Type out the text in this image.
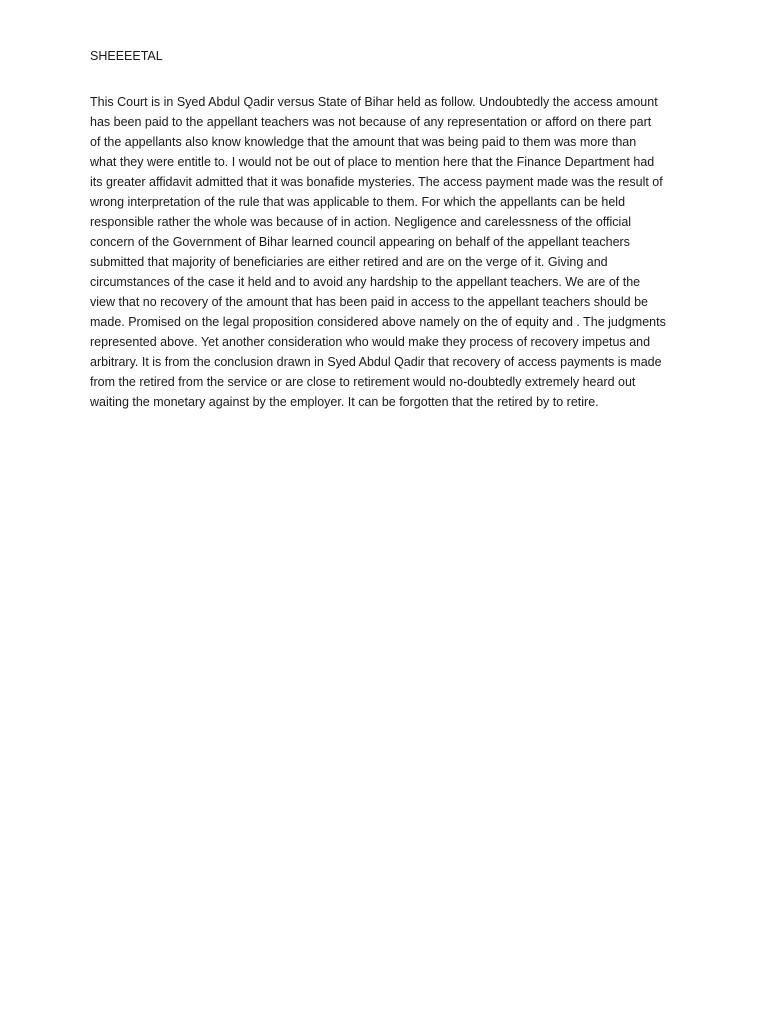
SHEEEETAL
This Court is in Syed Abdul Qadir versus State of Bihar held as follow. Undoubtedly the access amount
has been paid to the appellant teachers was not because of any representation or afford on there part
of the appellants also know knowledge that the amount that was being paid to them was more than
what they were entitle to. I would not be out of place to mention here that the Finance Department had
its greater affidavit admitted that it was bonafide mysteries. The access payment made was the result of
wrong interpretation of the rule that was applicable to them. For which the appellants can be held
responsible rather the whole was because of in action. Negligence and carelessness of the official
concern of the Government of Bihar learned council appearing on behalf of the appellant teachers
submitted that majority of beneficiaries are either retired and are on the verge of it. Giving and
circumstances of the case it held and to avoid any hardship to the appellant teachers. We are of the
view that no recovery of the amount that has been paid in access to the appellant teachers should be
made. Promised on the legal proposition considered above namely on the of equity and . The judgments
represented above. Yet another consideration who would make they process of recovery impetus and
arbitrary. It is from the conclusion drawn in Syed Abdul Qadir that recovery of access payments is made
from the retired from the service or are close to retirement would no-doubtedly extremely heard out
waiting the monetary against by the employer. It can be forgotten that the retired by to retire.
